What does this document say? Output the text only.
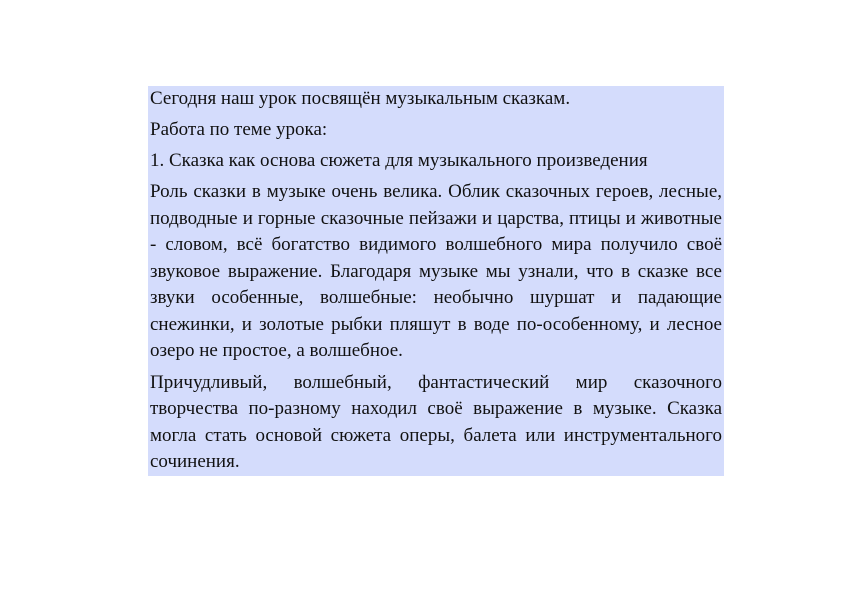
Сегодня наш урок посвящён музыкальным сказкам.

Работа по теме урока:

1. Сказка как основа сюжета для музыкального произведения

Роль сказки в музыке очень велика. Облик сказочных героев, лесные, подводные и горные сказочные пейзажи и царства, птицы и животные - словом, всё богатство видимого волшебного мира получило своё звуковое выражение. Благодаря музыке мы узнали, что в сказке все звуки особенные, волшебные: необычно шуршат и падающие снежинки, и золотые рыбки пляшут в воде по-особенному, и лесное озеро не простое, а волшебное.

Причудливый, волшебный, фантастический мир сказочного творчества по-разному находил своё выражение в музыке. Сказка могла стать основой сюжета оперы, балета или инструментального сочинения.
